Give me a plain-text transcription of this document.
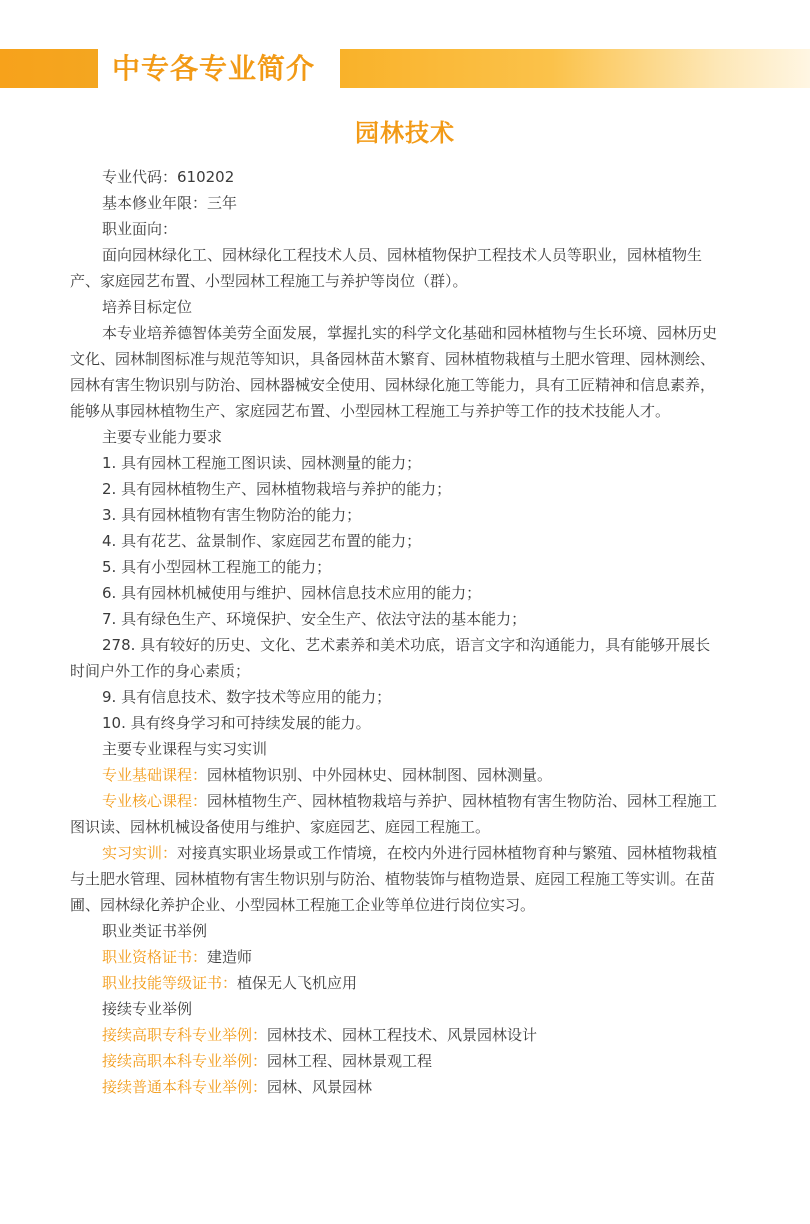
中专各专业简介
园林技术

专业代码：610202

基本修业年限：三年

职业面向：

面向园林绿化工、园林绿化工程技术人员、园林植物保护工程技术人员等职业，园林植物生产、家庭园艺布置、小型园林工程施工与养护等岗位（群）。

培养目标定位

本专业培养德智体美劳全面发展，掌握扎实的科学文化基础和园林植物与生长环境、园林历史文化、园林制图标准与规范等知识，具备园林苗木繁育、园林植物栽植与土肥水管理、园林测绘、园林有害生物识别与防治、园林器械安全使用、园林绿化施工等能力，具有工匠精神和信息素养，能够从事园林植物生产、家庭园艺布置、小型园林工程施工与养护等工作的技术技能人才。

主要专业能力要求

1. 具有园林工程施工图识读、园林测量的能力；

2. 具有园林植物生产、园林植物栽培与养护的能力；

3. 具有园林植物有害生物防治的能力；

4. 具有花艺、盆景制作、家庭园艺布置的能力；

5. 具有小型园林工程施工的能力；

6. 具有园林机械使用与维护、园林信息技术应用的能力；

7. 具有绿色生产、环境保护、安全生产、依法守法的基本能力；

278. 具有较好的历史、文化、艺术素养和美术功底，语言文字和沟通能力，具有能够开展长时间户外工作的身心素质；

9. 具有信息技术、数字技术等应用的能力；

10. 具有终身学习和可持续发展的能力。

主要专业课程与实习实训

专业基础课程：园林植物识别、中外园林史、园林制图、园林测量。

专业核心课程：园林植物生产、园林植物栽培与养护、园林植物有害生物防治、园林工程施工图识读、园林机械设备使用与维护、家庭园艺、庭园工程施工。

实习实训：对接真实职业场景或工作情境，在校内外进行园林植物育种与繁殖、园林植物栽植与土肥水管理、园林植物有害生物识别与防治、植物装饰与植物造景、庭园工程施工等实训。在苗圃、园林绿化养护企业、小型园林工程施工企业等单位进行岗位实习。

职业类证书举例

职业资格证书：建造师

职业技能等级证书：植保无人飞机应用

接续专业举例

接续高职专科专业举例：园林技术、园林工程技术、风景园林设计

接续高职本科专业举例：园林工程、园林景观工程

接续普通本科专业举例：园林、风景园林
